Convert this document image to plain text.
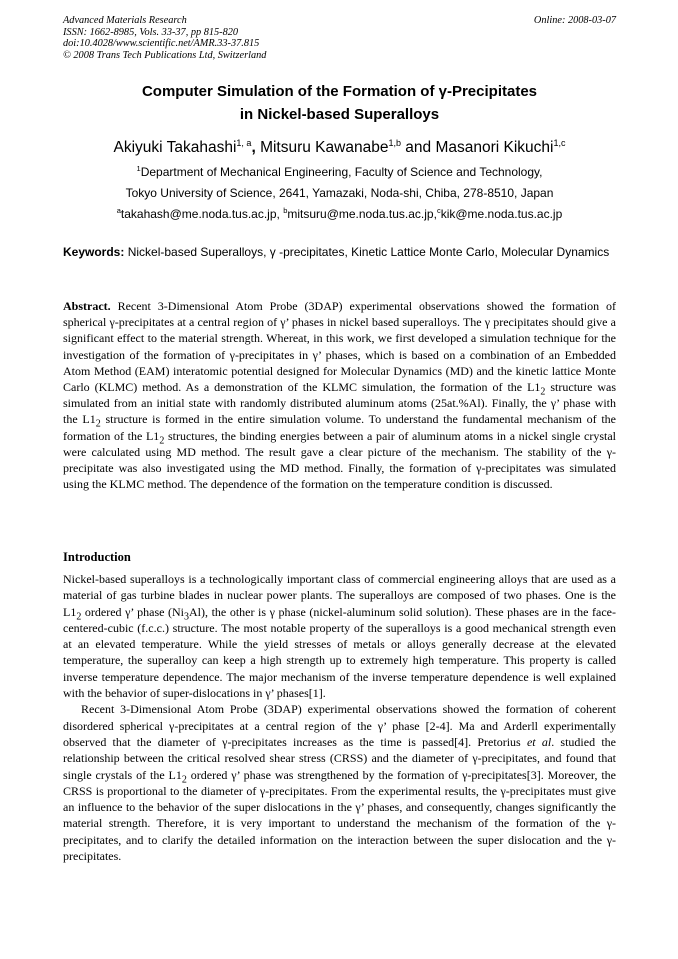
Advanced Materials Research
ISSN: 1662-8985, Vols. 33-37, pp 815-820
doi:10.4028/www.scientific.net/AMR.33-37.815
© 2008 Trans Tech Publications Ltd, Switzerland
Online: 2008-03-07
Computer Simulation of the Formation of γ-Precipitates
in Nickel-based Superalloys
Akiyuki Takahashi$^{1, a}$, Mitsuru Kawanabe$^{1,b}$ and Masanori Kikuchi$^{1,c}$
$^1$Department of Mechanical Engineering, Faculty of Science and Technology,
Tokyo University of Science, 2641, Yamazaki, Noda-shi, Chiba, 278-8510, Japan
$^a$takahash@me.noda.tus.ac.jp, $^b$mitsuru@me.noda.tus.ac.jp,$^c$kik@me.noda.tus.ac.jp
Keywords: Nickel-based Superalloys, γ -precipitates, Kinetic Lattice Monte Carlo, Molecular Dynamics
Abstract. Recent 3-Dimensional Atom Probe (3DAP) experimental observations showed the formation of spherical γ-precipitates at a central region of γ’ phases in nickel based superalloys. The γ precipitates should give a significant effect to the material strength. Whereat, in this work, we first developed a simulation technique for the investigation of the formation of γ-precipitates in γ’ phases, which is based on a combination of an Embedded Atom Method (EAM) interatomic potential designed for Molecular Dynamics (MD) and the kinetic lattice Monte Carlo (KLMC) method. As a demonstration of the KLMC simulation, the formation of the $L1_2$ structure was simulated from an initial state with randomly distributed aluminum atoms (25at.%Al). Finally, the γ’ phase with the $L1_2$ structure is formed in the entire simulation volume. To understand the fundamental mechanism of the formation of the $L1_2$ structures, the binding energies between a pair of aluminum atoms in a nickel single crystal were calculated using MD method. The result gave a clear picture of the mechanism. The stability of the γ-precipitate was also investigated using the MD method. Finally, the formation of γ-precipitates was simulated using the KLMC method. The dependence of the formation on the temperature condition is discussed.
Introduction

Nickel-based superalloys is a technologically important class of commercial engineering alloys that are used as a material of gas turbine blades in nuclear power plants. The superalloys are composed of two phases. One is the $L1_2$ ordered γ’ phase $(Ni_3Al)$, the other is γ phase (nickel-aluminum solid solution). These phases are in the face-centered-cubic (f.c.c.) structure. The most notable property of the superalloys is a good mechanical strength even at an elevated temperature. While the yield stresses of metals or alloys generally decrease at the elevated temperature, the superalloy can keep a high strength up to extremely high temperature. This property is called inverse temperature dependence. The major mechanism of the inverse temperature dependence is well explained with the behavior of super-dislocations in γ’ phases[1].

Recent 3-Dimensional Atom Probe (3DAP) experimental observations showed the formation of coherent disordered spherical γ-precipitates at a central region of the γ’ phase [2-4]. Ma and Arderll experimentally observed that the diameter of γ-precipitates increases as the time is passed[4]. Pretorius et al. studied the relationship between the critical resolved shear stress (CRSS) and the diameter of γ-precipitates, and found that single crystals of the $L1_2$ ordered γ’ phase was strengthened by the formation of γ-precipitates[3]. Moreover, the CRSS is proportional to the diameter of γ-precipitates. From the experimental results, the γ-precipitates must give an influence to the behavior of the super dislocations in the γ’ phases, and consequently, changes significantly the material strength. Therefore, it is very important to understand the mechanism of the formation of the γ-precipitates, and to clarify the detailed information on the interaction between the super dislocation and the γ-precipitates.
